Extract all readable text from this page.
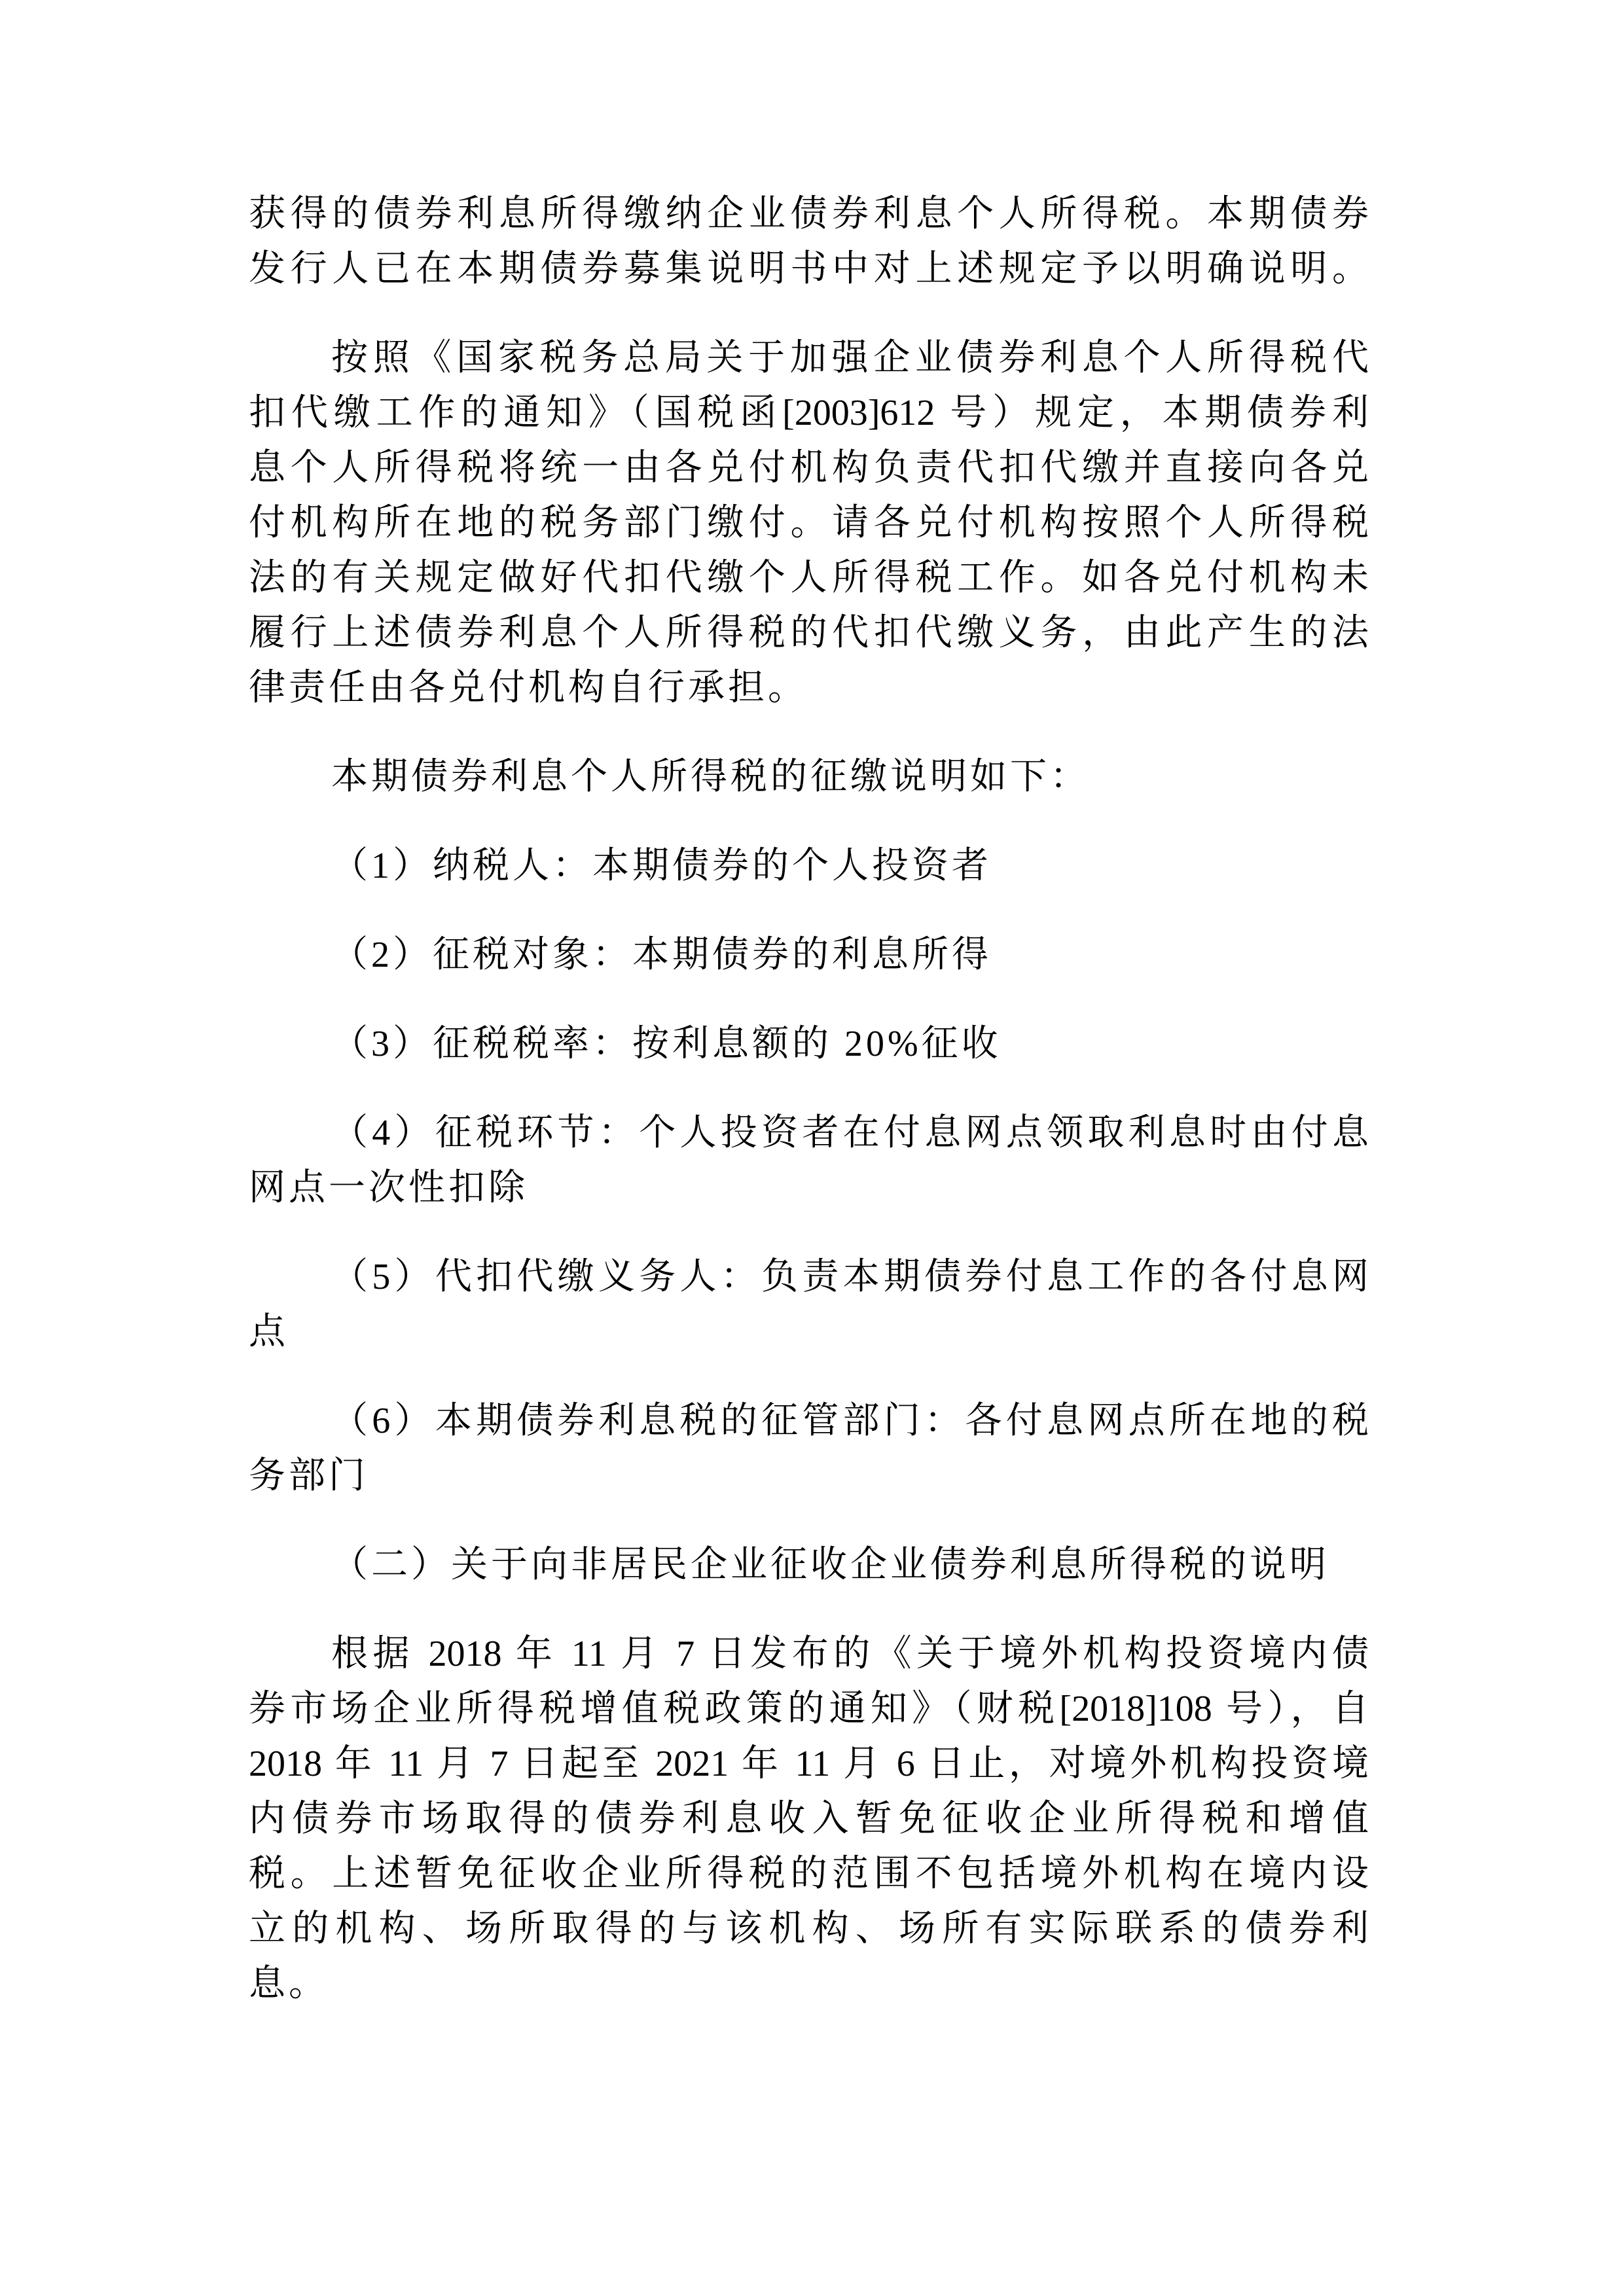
获得的债券利息所得缴纳企业债券利息个人所得税。本期债券
发行人已在本期债券募集说明书中对上述规定予以明确说明。

按照《国家税务总局关于加强企业债券利息个人所得税代
扣代缴工作的通知》（国税函[2003]612 号）规定，本期债券利
息个人所得税将统一由各兑付机构负责代扣代缴并直接向各兑
付机构所在地的税务部门缴付。请各兑付机构按照个人所得税
法的有关规定做好代扣代缴个人所得税工作。如各兑付机构未
履行上述债券利息个人所得税的代扣代缴义务，由此产生的法
律责任由各兑付机构自行承担。

本期债券利息个人所得税的征缴说明如下：

（1）纳税人：本期债券的个人投资者

（2）征税对象：本期债券的利息所得

（3）征税税率：按利息额的 20%征收

（4）征税环节：个人投资者在付息网点领取利息时由付息
网点一次性扣除

（5）代扣代缴义务人：负责本期债券付息工作的各付息网
点

（6）本期债券利息税的征管部门：各付息网点所在地的税
务部门

（二）关于向非居民企业征收企业债券利息所得税的说明

根据 2018 年 11 月 7 日发布的《关于境外机构投资境内债
券市场企业所得税增值税政策的通知》（财税[2018]108 号），自
2018 年 11 月 7 日起至 2021 年 11 月 6 日止，对境外机构投资境
内债券市场取得的债券利息收入暂免征收企业所得税和增值
税。上述暂免征收企业所得税的范围不包括境外机构在境内设
立的机构、场所取得的与该机构、场所有实际联系的债券利
息。
